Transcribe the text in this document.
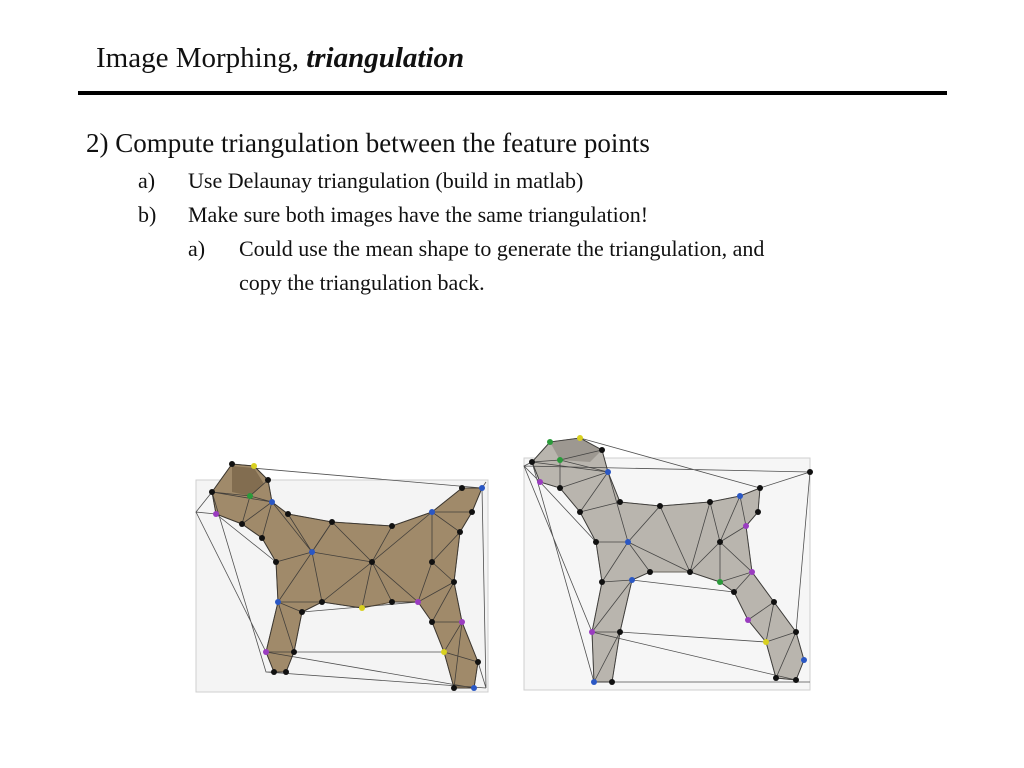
Image Morphing, triangulation
2) Compute triangulation between the feature points
a) Use Delaunay triangulation (build in matlab)
b) Make sure both images have the same triangulation!
a) Could use the mean shape to generate the triangulation, and
copy the triangulation back.
